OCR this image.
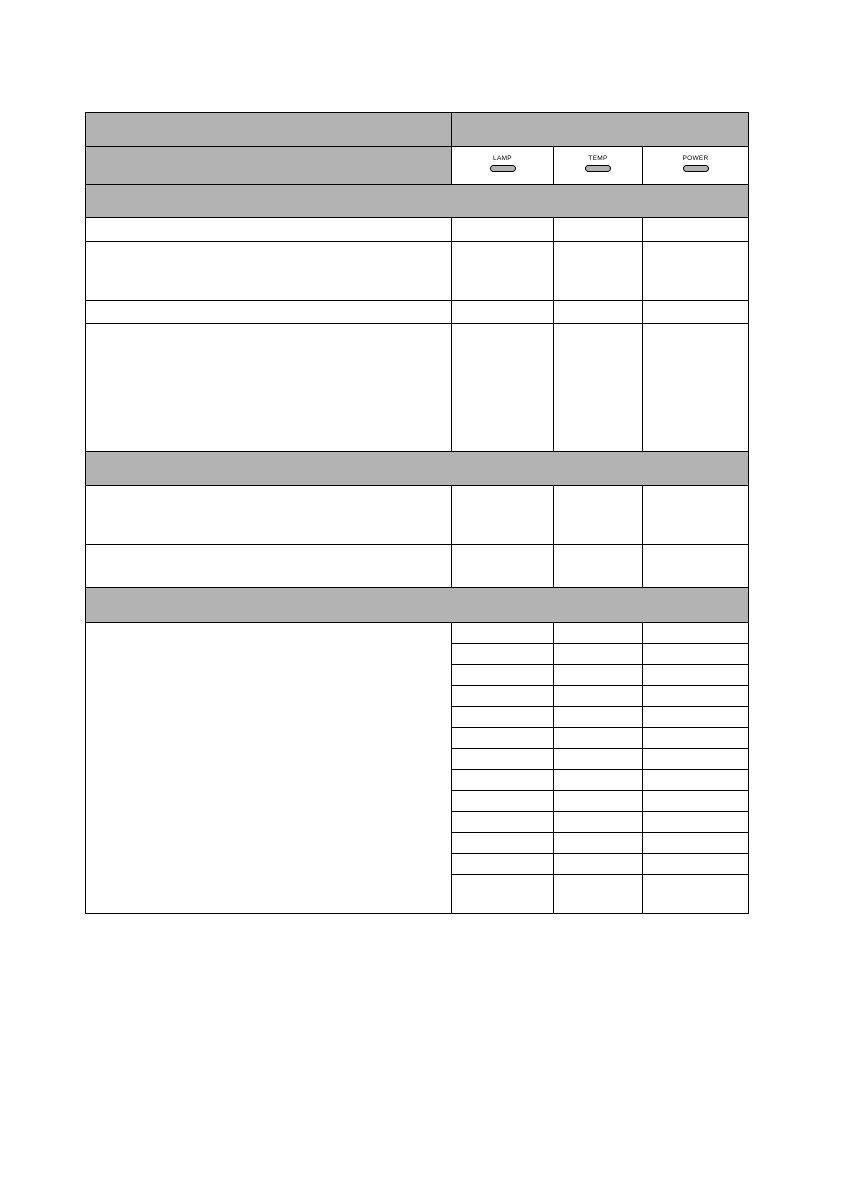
LAMP	TEMP	POWER
